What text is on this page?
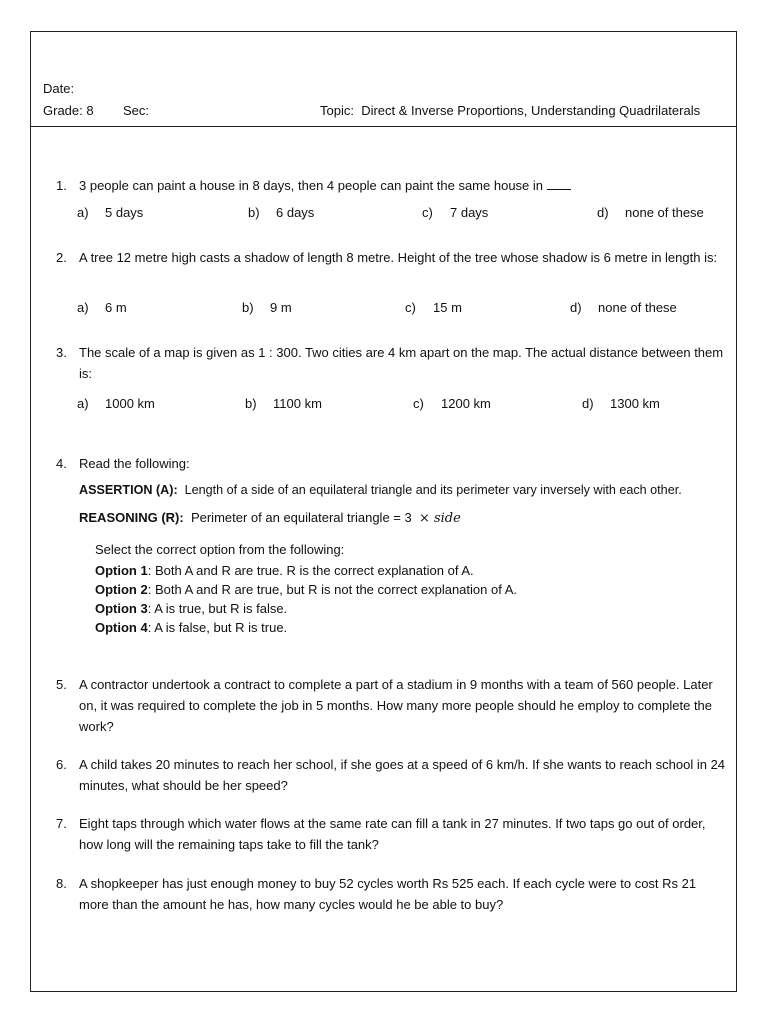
Date:
Grade: 8 Sec:	Topic: Direct & Inverse Proportions, Understanding Quadrilaterals
1. 3 people can paint a house in 8 days, then 4 people can paint the same house in
a) 5 days	b) 6 days	c) 7 days	d) none of these
2. A tree 12 metre high casts a shadow of length 8 metre. Height of the tree whose shadow is 6 metre in length is:
a) 6 m	b) 9 m	c) 15 m	d) none of these
3. The scale of a map is given as 1 : 300. Two cities are 4 km apart on the map. The actual distance between them is:
a) 1000 km	b) 1100 km	c) 1200 km	d) 1300 km
4. Read the following:
ASSERTION (A): Length of a side of an equilateral triangle and its perimeter vary inversely with each other.
REASONING (R): Perimeter of an equilateral triangle = 3 × side
Select the correct option from the following:
Option 1: Both A and R are true. R is the correct explanation of A.
Option 2: Both A and R are true, but R is not the correct explanation of A.
Option 3: A is true, but R is false.
Option 4: A is false, but R is true.
5. A contractor undertook a contract to complete a part of a stadium in 9 months with a team of 560 people. Later on, it was required to complete the job in 5 months. How many more people should he employ to complete the work?
6. A child takes 20 minutes to reach her school, if she goes at a speed of 6 km/h. If she wants to reach school in 24 minutes, what should be her speed?
7. Eight taps through which water flows at the same rate can fill a tank in 27 minutes. If two taps go out of order, how long will the remaining taps take to fill the tank?
8. A shopkeeper has just enough money to buy 52 cycles worth Rs 525 each. If each cycle were to cost Rs 21 more than the amount he has, how many cycles would he be able to buy?
